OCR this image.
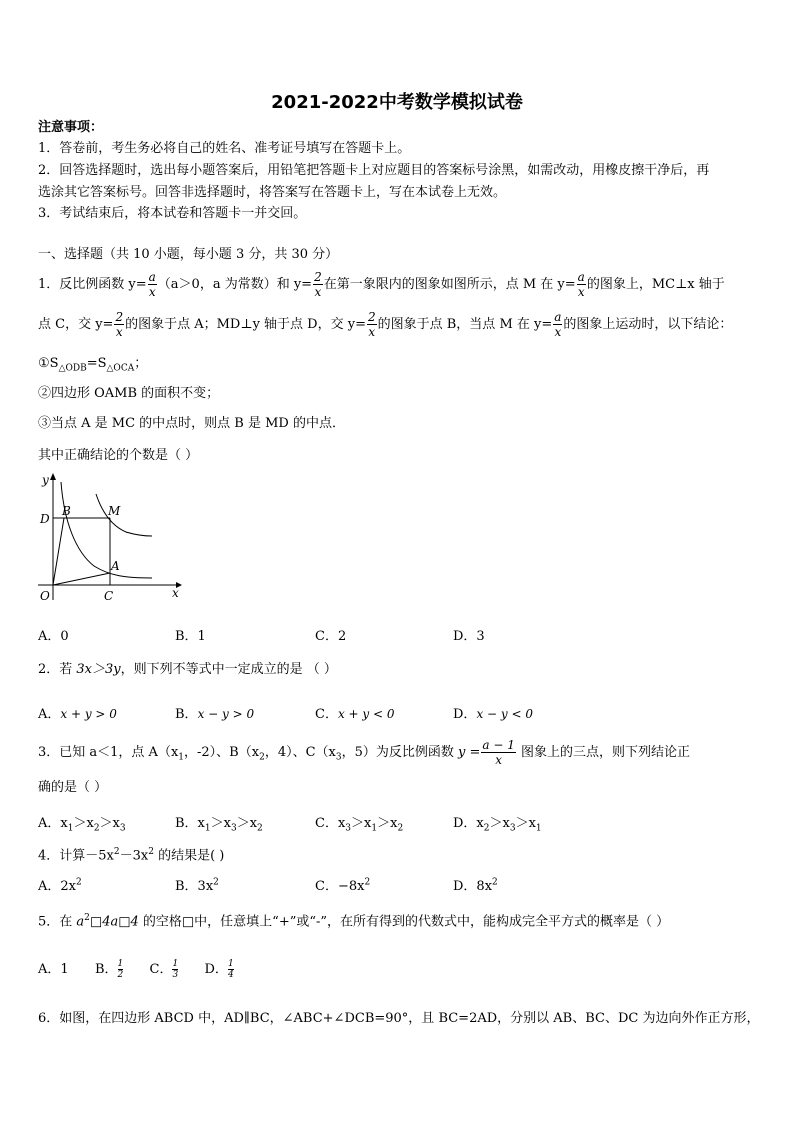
2021-2022中考数学模拟试卷
注意事项：
1．答卷前，考生务必将自己的姓名、准考证号填写在答题卡上。
2．回答选择题时，选出每小题答案后，用铅笔把答题卡上对应题目的答案标号涂黑，如需改动，用橡皮擦干净后，再
选涂其它答案标号。回答非选择题时，将答案写在答题卡上，写在本试卷上无效。
3．考试结束后，将本试卷和答题卡一并交回。
一、选择题（共 10 小题，每小题 3 分，共 30 分）
1．反比例函数 $y= \frac{a}{x} (a>0$，a 为常数）和 $y= \frac{2}{x}$ 在第一象限内的图象如图所示，点 M 在 $y= \frac{a}{x}$ 的图象上，MC⊥x 轴于
点 C，交 $y= \frac{2}{x}$ 的图象于点 A；MD⊥y 轴于点 D，交 $y= \frac{2}{x}$ 的图象于点 B，当点 M 在 $y= \frac{a}{x}$ 的图象上运动时，以下结论：
$①S_{\triangle ODB}=S_{\triangle OCA}$；
②四边形 OAMB 的面积不变；
③当点 A 是 MC 的中点时，则点 B 是 MD 的中点．
其中正确结论的个数是（ ）
y
x
O	C
D
B	M
A
A．0	B．1	C．2	D．3
2．若 3x＞3y，则下列不等式中一定成立的是 （ ）
A．x + y > 0	B．x − y > 0	C．x + y < 0	D．x − y < 0
3．已知 a＜1，点 $A(x_1$，-2）、$B(x_2$，4）、$C(x_3$，5）为反比例函数 $y = \frac{a - 1}{x}$ 图象上的三点，则下列结论正
确的是（ ）
A．$x_1>x_2>x_3$	B．$x_1>x_3>x_2$	C．$x_3>x_1>x_2$	D．$x_2>x_3>x_1$
4．计算$-5x^2-3x^2$ 的结果是( )
A．$2x^2$	B．$3x^2$	C．$-8x^2$	D．$8x^2$
5．在 $a^2□4a□4$ 的空格□中，任意填上“+”或“-”，在所有得到的代数式中，能构成完全平方式的概率是（ ）
A．1 B． $\frac{1}{2}$ C． $\frac{1}{3}$ D． $\frac{1}{4}$
6．如图，在四边形 ABCD 中，AD∥BC，∠ABC+∠DCB=90°，且 BC=2AD，分别以 AB、BC、DC 为边向外作正方形，
